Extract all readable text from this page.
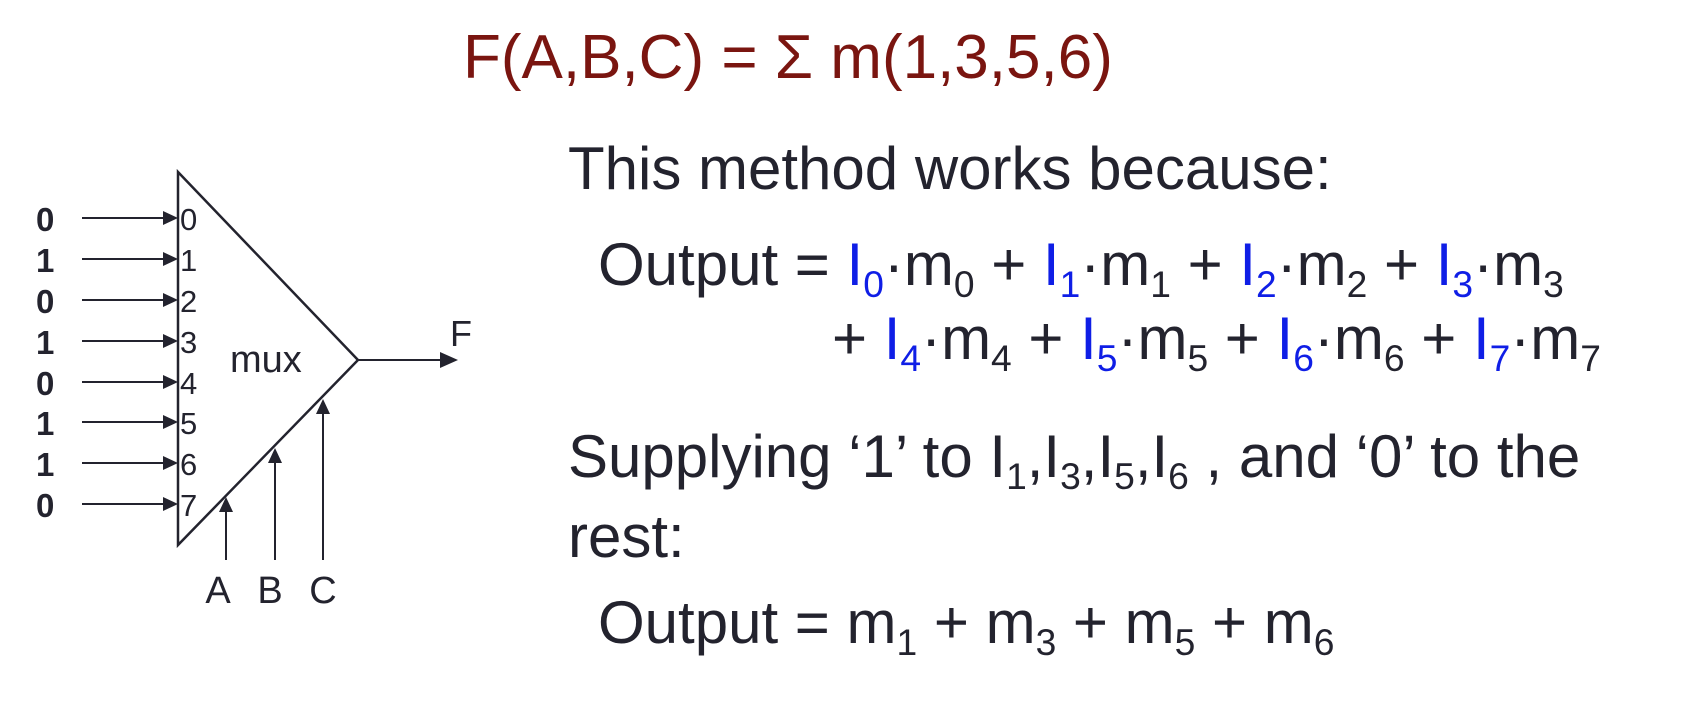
F(A,B,C) = Σ m(1,3,5,6)
mux
F
0	0
1	1
0	2
1	3
0	4
1	5
1	6
0	7
A B C
This method works because:
Output = $I_0\cdot m_0 + I_1\cdot m_1 + I_2\cdot m_2 + I_3\cdot m_3$
+ $I_4\cdot m_4 + I_5\cdot m_5 + I_6\cdot m_6 + I_7\cdot m_7$
Supplying ‘1’ to $I_1,I_3,I_5,I_6$ , and ‘0’ to the
rest:
Output = $m_1 + m_3 + m_5 + m_6$
